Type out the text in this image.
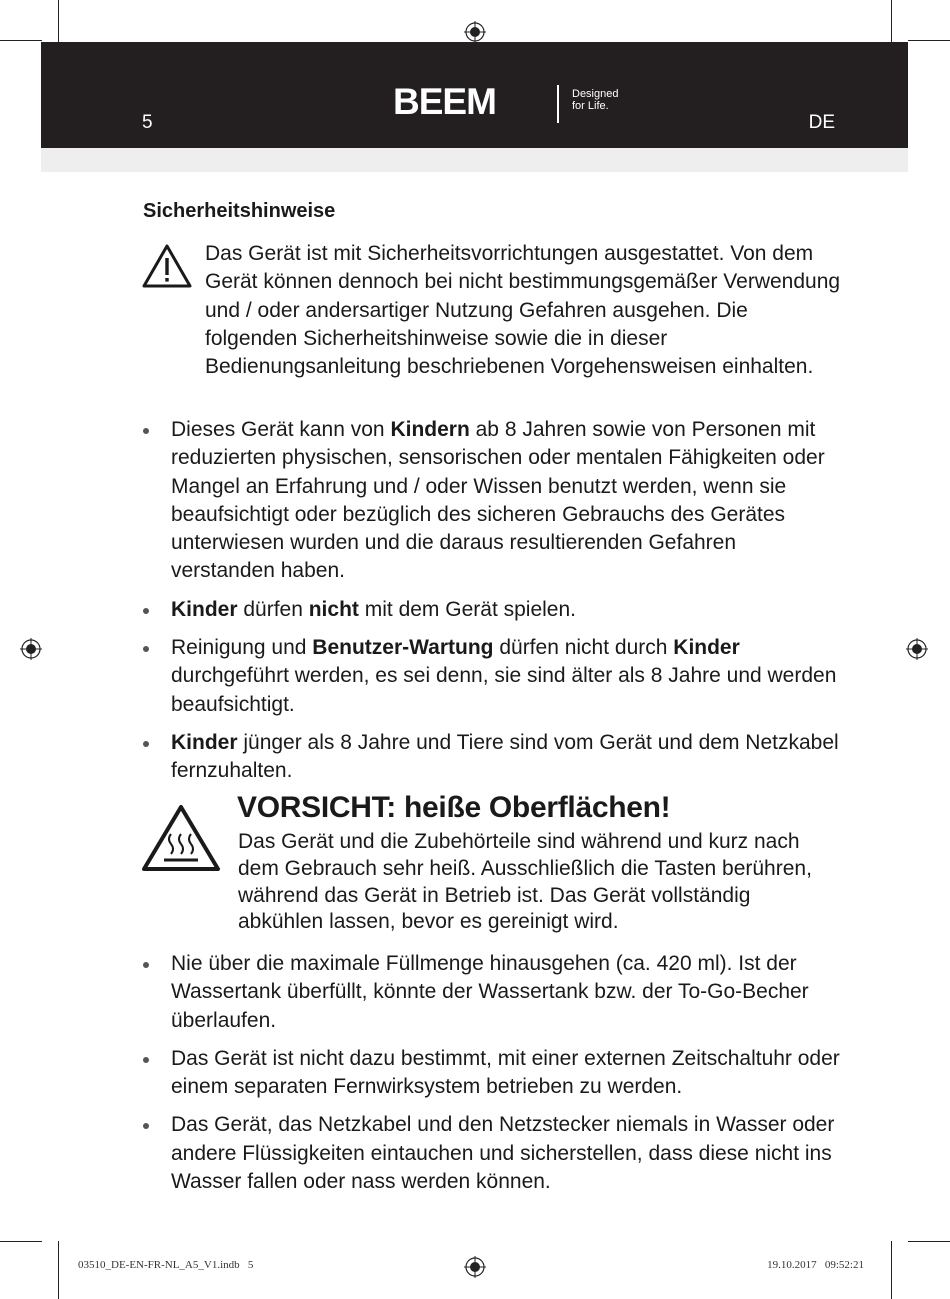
5
BEEM	Designed
for Life.
DE
Sicherheitshinweise

Das Gerät ist mit Sicherheitsvorrichtungen ausgestattet. Von dem Gerät können dennoch bei nicht bestimmungsgemäßer Verwendung und / oder andersartiger Nutzung Gefahren ausgehen. Die folgenden Sicherheitshinweise sowie die in dieser Bedienungsanleitung beschriebenen Vorgehensweisen einhalten.

Dieses Gerät kann von Kindern ab 8 Jahren sowie von Personen mit reduzierten physischen, sensorischen oder mentalen Fähigkeiten oder Mangel an Erfahrung und / oder Wissen benutzt werden, wenn sie beaufsichtigt oder bezüglich des sicheren Gebrauchs des Gerätes unterwiesen wurden und die daraus resultierenden Gefahren verstanden haben.
Kinder dürfen nicht mit dem Gerät spielen.
Reinigung und Benutzer-Wartung dürfen nicht durch Kinder durchgeführt werden, es sei denn, sie sind älter als 8 Jahre und werden beaufsichtigt.
Kinder jünger als 8 Jahre und Tiere sind vom Gerät und dem Netzkabel fernzuhalten.
VORSICHT: heiße Oberflächen!

Das Gerät und die Zubehörteile sind während und kurz nach dem Gebrauch sehr heiß. Ausschließlich die Tasten berühren, während das Gerät in Betrieb ist. Das Gerät vollständig abkühlen lassen, bevor es gereinigt wird.

Nie über die maximale Füllmenge hinausgehen (ca. 420 ml). Ist der Wassertank überfüllt, könnte der Wassertank bzw. der To-Go-Becher überlaufen.
Das Gerät ist nicht dazu bestimmt, mit einer externen Zeitschaltuhr oder einem separaten Fernwirksystem betrieben zu werden.
Das Gerät, das Netzkabel und den Netzstecker niemals in Wasser oder andere Flüssigkeiten eintauchen und sicherstellen, dass diese nicht ins Wasser fallen oder nass werden können.
03510_DE-EN-FR-NL_A5_V1.indb   5	19.10.2017   09:52:21
